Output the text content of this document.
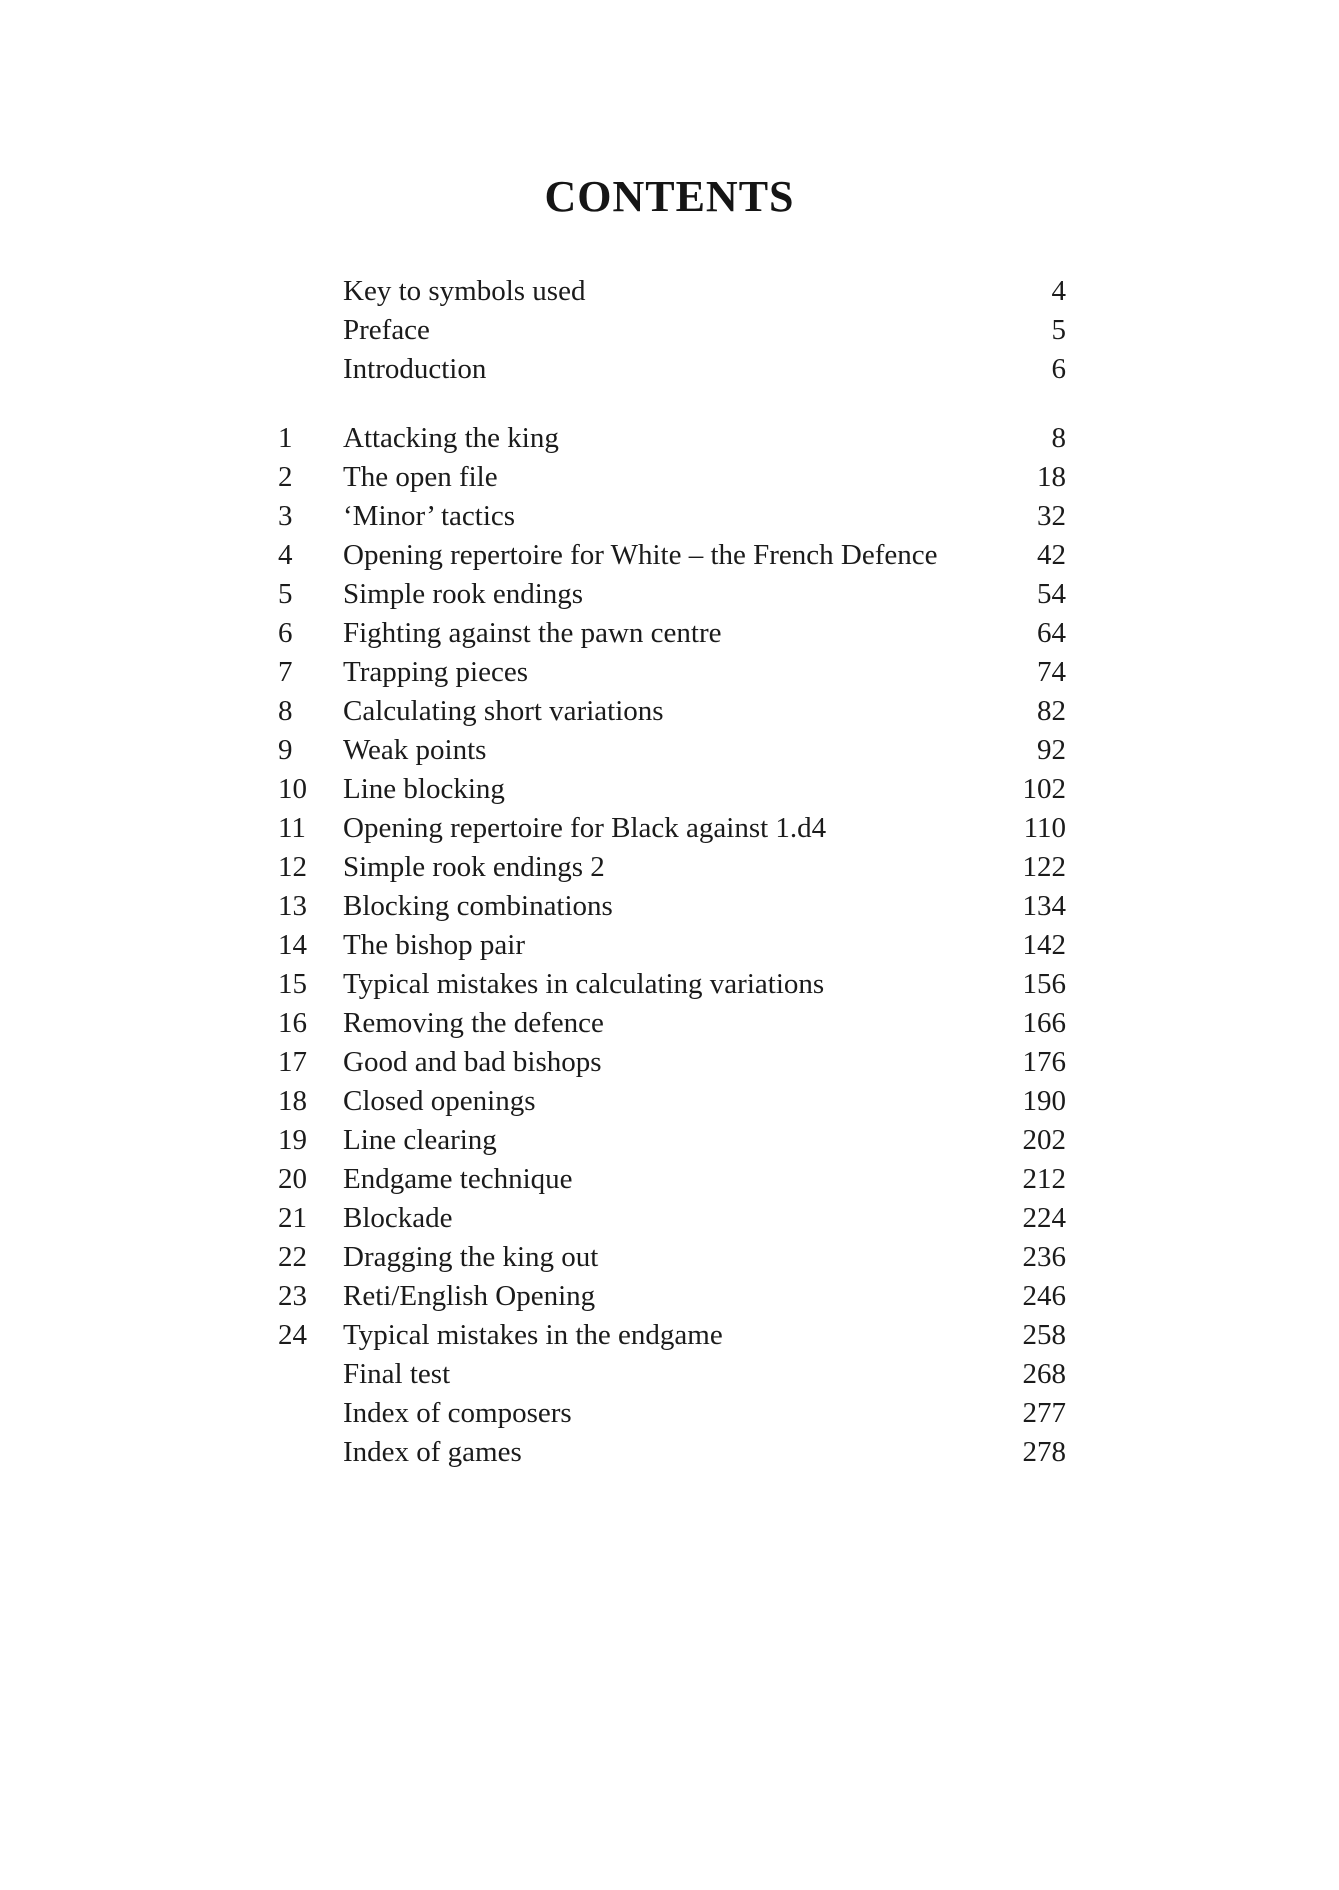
CONTENTS
Key to symbols used	4
Preface	5
Introduction	6
1	Attacking the king	8
2	The open file	18
3	‘Minor’ tactics	32
4	Opening repertoire for White – the French Defence	42
5	Simple rook endings	54
6	Fighting against the pawn centre	64
7	Trapping pieces	74
8	Calculating short variations	82
9	Weak points	92
10	Line blocking	102
11	Opening repertoire for Black against 1.d4	110
12	Simple rook endings 2	122
13	Blocking combinations	134
14	The bishop pair	142
15	Typical mistakes in calculating variations	156
16	Removing the defence	166
17	Good and bad bishops	176
18	Closed openings	190
19	Line clearing	202
20	Endgame technique	212
21	Blockade	224
22	Dragging the king out	236
23	Reti/English Opening	246
24	Typical mistakes in the endgame	258
Final test	268
Index of composers	277
Index of games	278
